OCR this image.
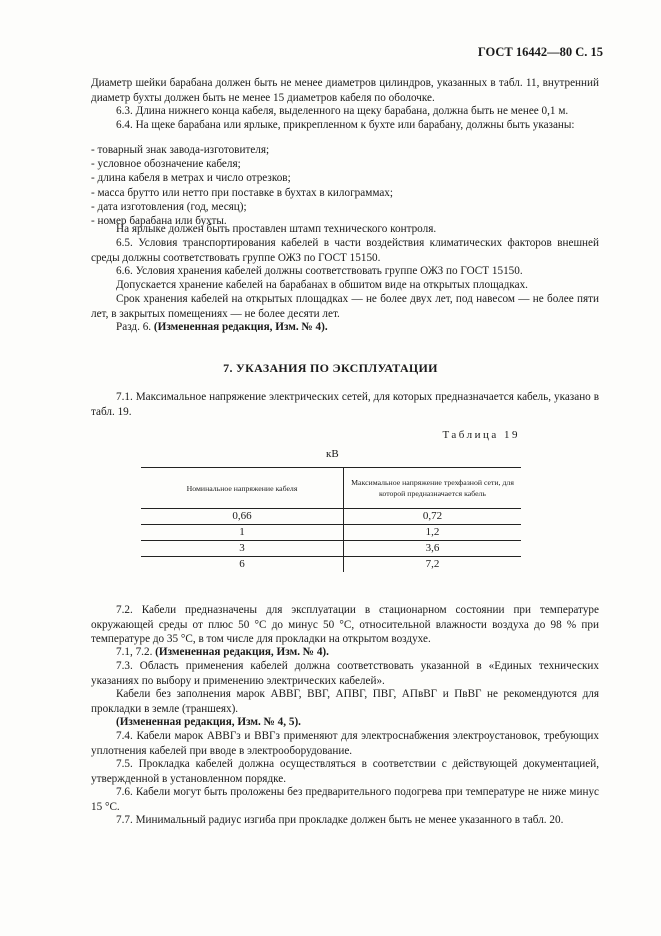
ГОСТ 16442—80 С. 15

Диаметр шейки барабана должен быть не менее диаметров цилиндров, указанных в табл. 11, внутренний диаметр бухты должен быть не менее 15 диаметров кабеля по оболочке.

6.3. Длина нижнего конца кабеля, выделенного на щеку барабана, должна быть не менее 0,1 м.

6.4. На щеке барабана или ярлыке, прикрепленном к бухте или барабану, должны быть указаны:

- товарный знак завода-изготовителя;
- условное обозначение кабеля;
- длина кабеля в метрах и число отрезков;
- масса брутто или нетто при поставке в бухтах в килограммах;
- дата изготовления (год, месяц);
- номер барабана или бухты.

На ярлыке должен быть проставлен штамп технического контроля.

6.5. Условия транспортирования кабелей в части воздействия климатических факторов внешней среды должны соответствовать группе ОЖЗ по ГОСТ 15150.

6.6. Условия хранения кабелей должны соответствовать группе ОЖЗ по ГОСТ 15150.

Допускается хранение кабелей на барабанах в обшитом виде на открытых площадках.

Срок хранения кабелей на открытых площадках — не более двух лет, под навесом — не более пяти лет, в закрытых помещениях — не более десяти лет.

Разд. 6. (Измененная редакция, Изм. № 4).

7. УКАЗАНИЯ ПО ЭКСПЛУАТАЦИИ

7.1. Максимальное напряжение электрических сетей, для которых предназначается кабель, указано в табл. 19.

Таблица 19
кВ
Номинальное напряжение кабеля	Максимальное напряжение трехфазной сети, для которой предназначается кабель
0,66	0,72
1	1,2
3	3,6
6	7,2

7.2. Кабели предназначены для эксплуатации в стационарном состоянии при температуре окружающей среды от плюс 50 °С до минус 50 °С, относительной влажности воздуха до 98 % при температуре до 35 °С, в том числе для прокладки на открытом воздухе.

7.1, 7.2. (Измененная редакция, Изм. № 4).

7.3. Область применения кабелей должна соответствовать указанной в «Единых технических указаниях по выбору и применению электрических кабелей».

Кабели без заполнения марок АВВГ, ВВГ, АПВГ, ПВГ, АПвВГ и ПвВГ не рекомендуются для прокладки в земле (траншеях).

(Измененная редакция, Изм. № 4, 5).

7.4. Кабели марок АВВГз и ВВГз применяют для электроснабжения электроустановок, требующих уплотнения кабелей при вводе в электрооборудование.

7.5. Прокладка кабелей должна осуществляться в соответствии с действующей документацией, утвержденной в установленном порядке.

7.6. Кабели могут быть проложены без предварительного подогрева при температуре не ниже минус 15 °С.

7.7. Минимальный радиус изгиба при прокладке должен быть не менее указанного в табл. 20.
